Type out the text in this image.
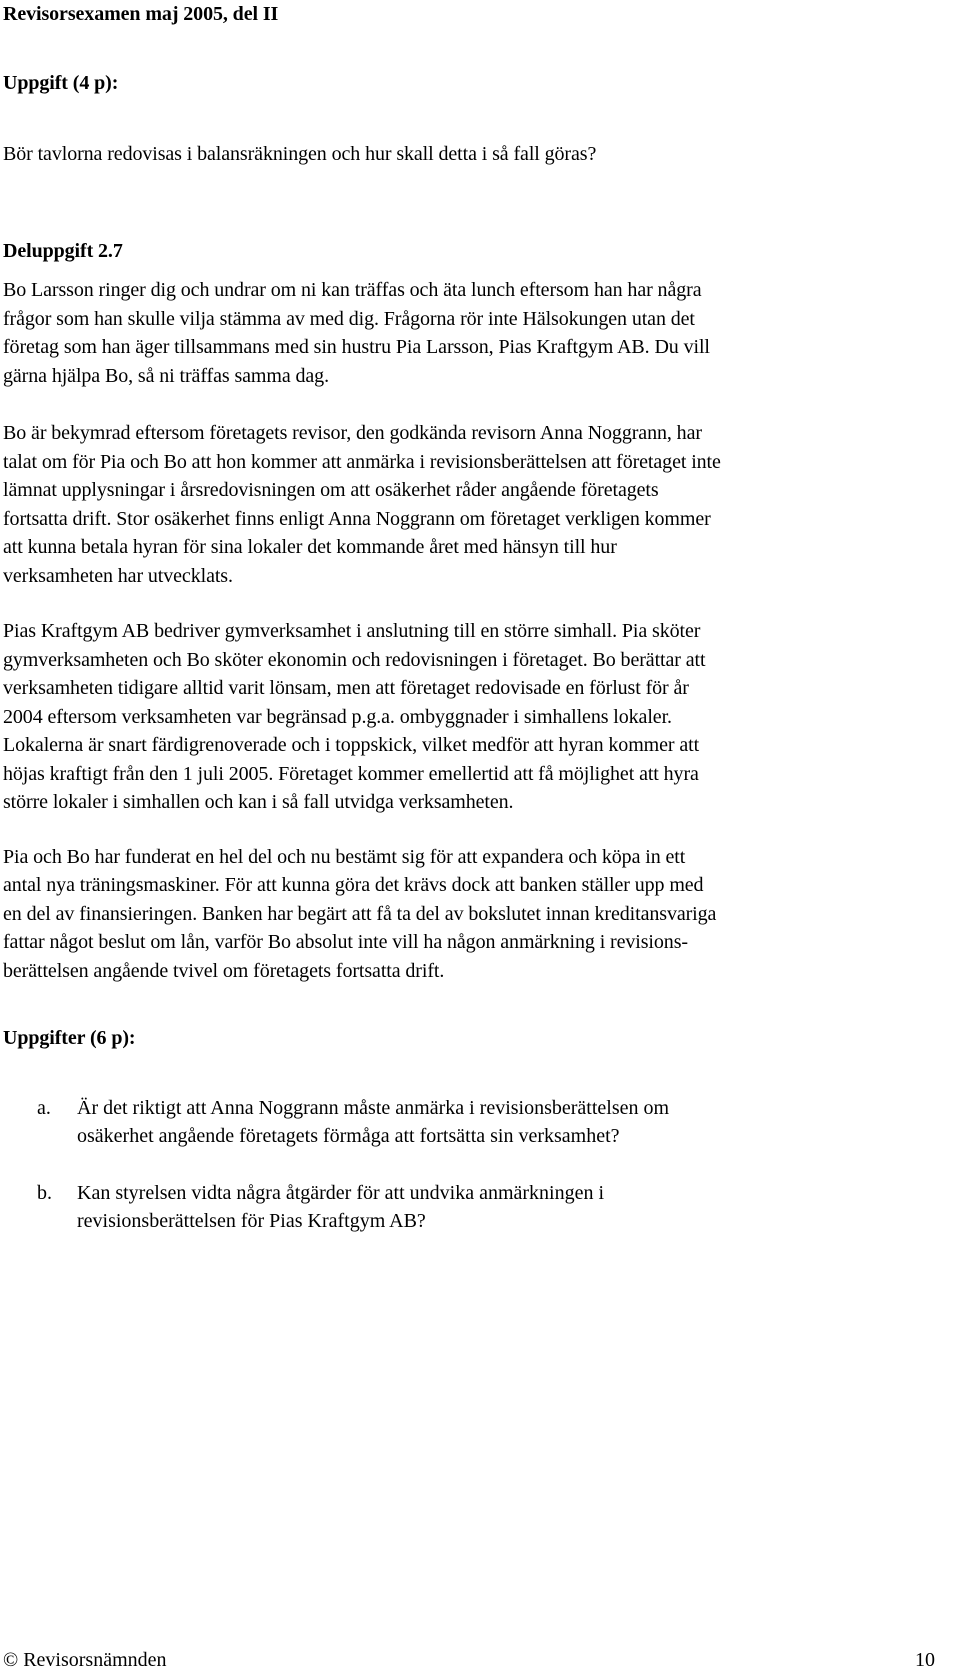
Revisorsexamen maj 2005, del II

Uppgift (4 p):

Bör tavlorna redovisas i balansräkningen och hur skall detta i så fall göras?

Deluppgift 2.7

Bo Larsson ringer dig och undrar om ni kan träffas och äta lunch eftersom han har några

frågor som han skulle vilja stämma av med dig. Frågorna rör inte Hälsokungen utan det

företag som han äger tillsammans med sin hustru Pia Larsson, Pias Kraftgym AB. Du vill

gärna hjälpa Bo, så ni träffas samma dag.

Bo är bekymrad eftersom företagets revisor, den godkända revisorn Anna Noggrann, har

talat om för Pia och Bo att hon kommer att anmärka i revisionsberättelsen att företaget inte

lämnat upplysningar i årsredovisningen om att osäkerhet råder angående företagets

fortsatta drift. Stor osäkerhet finns enligt Anna Noggrann om företaget verkligen kommer

att kunna betala hyran för sina lokaler det kommande året med hänsyn till hur

verksamheten har utvecklats.

Pias Kraftgym AB bedriver gymverksamhet i anslutning till en större simhall. Pia sköter

gymverksamheten och Bo sköter ekonomin och redovisningen i företaget. Bo berättar att

verksamheten tidigare alltid varit lönsam, men att företaget redovisade en förlust för år

2004 eftersom verksamheten var begränsad p.g.a. ombyggnader i simhallens lokaler.

Lokalerna är snart färdigrenoverade och i toppskick, vilket medför att hyran kommer att

höjas kraftigt från den 1 juli 2005. Företaget kommer emellertid att få möjlighet att hyra

större lokaler i simhallen och kan i så fall utvidga verksamheten.

Pia och Bo har funderat en hel del och nu bestämt sig för att expandera och köpa in ett

antal nya träningsmaskiner. För att kunna göra det krävs dock att banken ställer upp med

en del av finansieringen. Banken har begärt att få ta del av bokslutet innan kreditansvariga

fattar något beslut om lån, varför Bo absolut inte vill ha någon anmärkning i revisions-

berättelsen angående tvivel om företagets fortsatta drift.

Uppgifter (6 p):

a. Är det riktigt att Anna Noggrann måste anmärka i revisionsberättelsen om

osäkerhet angående företagets förmåga att fortsätta sin verksamhet?

b. Kan styrelsen vidta några åtgärder för att undvika anmärkningen i

revisionsberättelsen för Pias Kraftgym AB?

© Revisorsnämnden	10
